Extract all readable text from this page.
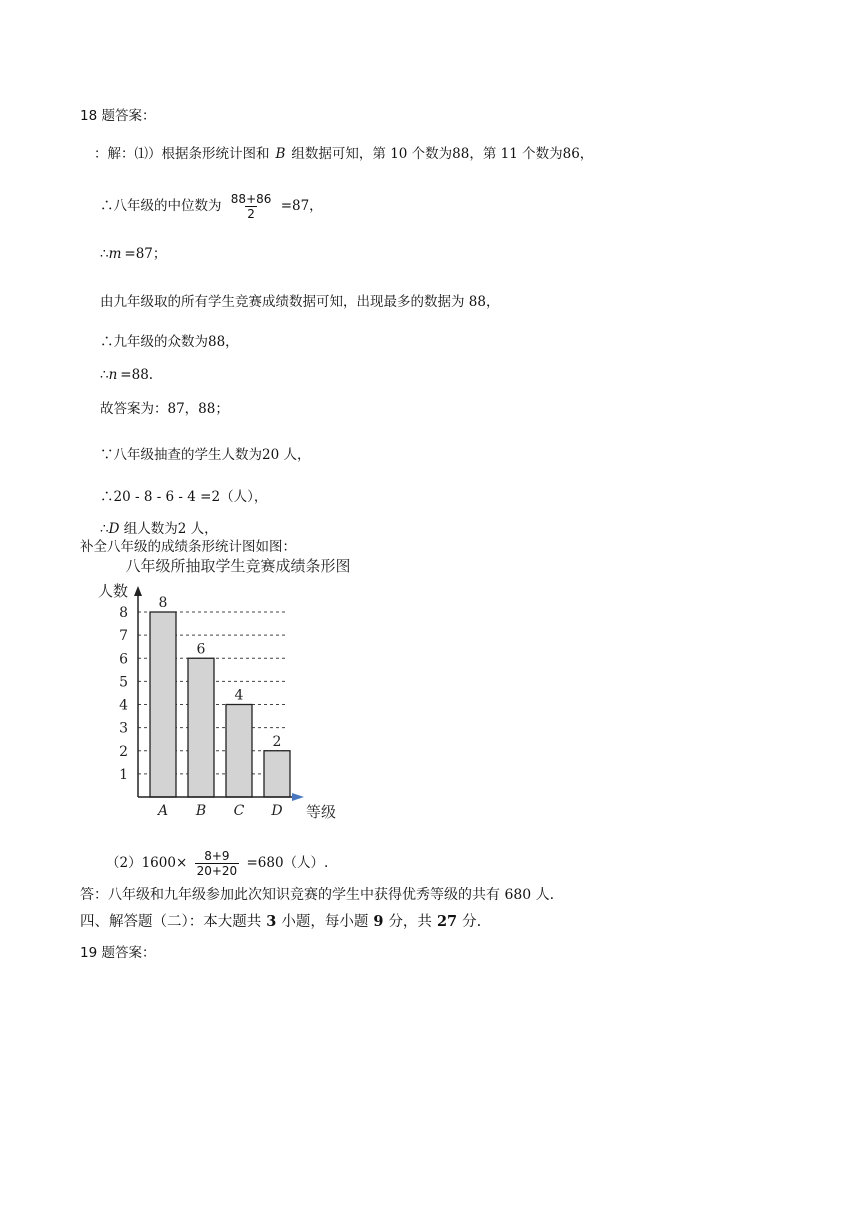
18 题答案：
：解：⑴）根据条形统计图和 B 组数据可知，第 10 个数为88，第 11 个数为86，
∴八年级的中位数为 $\frac{88+86}{2} =87$，
∴m =87；
由九年级取的所有学生竞赛成绩数据可知，出现最多的数据为 88，
∴九年级的众数为88，
∴n =88.
故答案为：87，88；
∵八年级抽查的学生人数为20 人，
∴20 - 8 - 6 - 4 =2（人），
∴D 组人数为2 人，
补全八年级的成绩条形统计图如图：
八年级所抽取学生竞赛成绩条形图
人数
8
A
6
B
4
C
2
D
1
2
3
4
5
6
7
8
等级
$(2)1600\times \frac{8+9}{20+20} =680$（人）.
答：八年级和九年级参加此次知识竞赛的学生中获得优秀等级的共有 680 人.
四、解答题（二）：本大题共 3 小题，每小题 9 分，共 27 分.
19 题答案：
